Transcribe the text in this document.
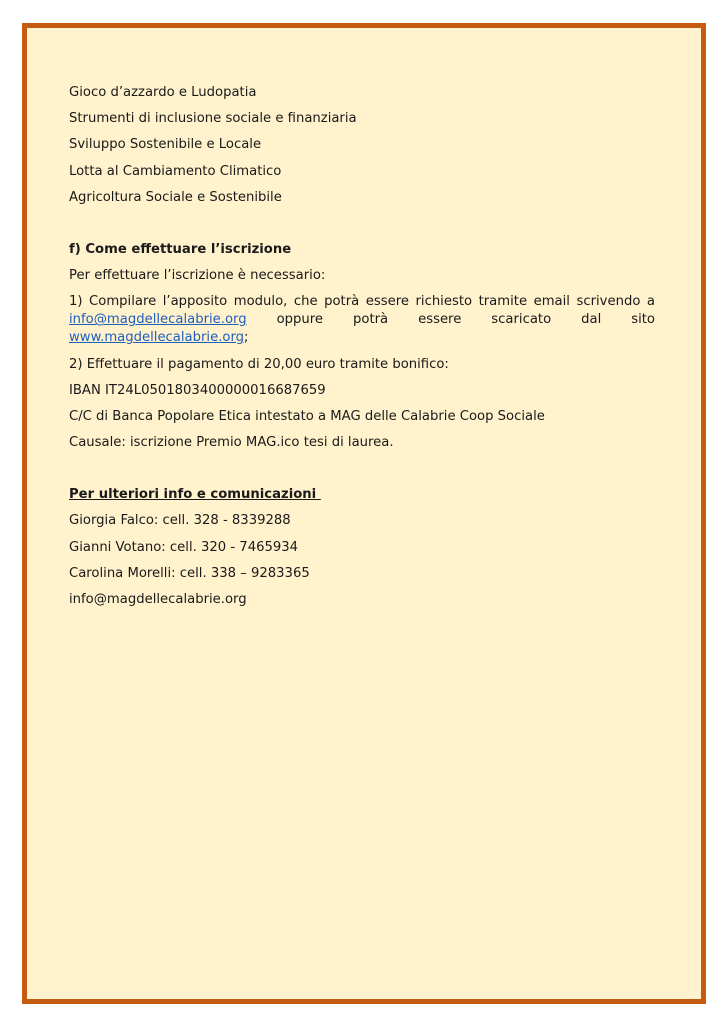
Gioco d’azzardo e Ludopatia

Strumenti di inclusione sociale e finanziaria

Sviluppo Sostenibile e Locale

Lotta al Cambiamento Climatico

Agricoltura Sociale e Sostenibile

f) Come effettuare l’iscrizione

Per effettuare l’iscrizione è necessario:

1) Compilare l’apposito modulo, che potrà essere richiesto tramite email scrivendo a

info@magdellecalabrie.org oppure potrà essere scaricato dal sito

www.magdellecalabrie.org;

2) Effettuare il pagamento di 20,00 euro tramite bonifico:

IBAN IT24L0501803400000016687659

C/C di Banca Popolare Etica intestato a MAG delle Calabrie Coop Sociale

Causale: iscrizione Premio MAG.ico tesi di laurea.

Per ulteriori info e comunicazioni

Giorgia Falco: cell. 328 - 8339288

Gianni Votano: cell. 320 - 7465934

Carolina Morelli: cell. 338 – 9283365

info@magdellecalabrie.org
